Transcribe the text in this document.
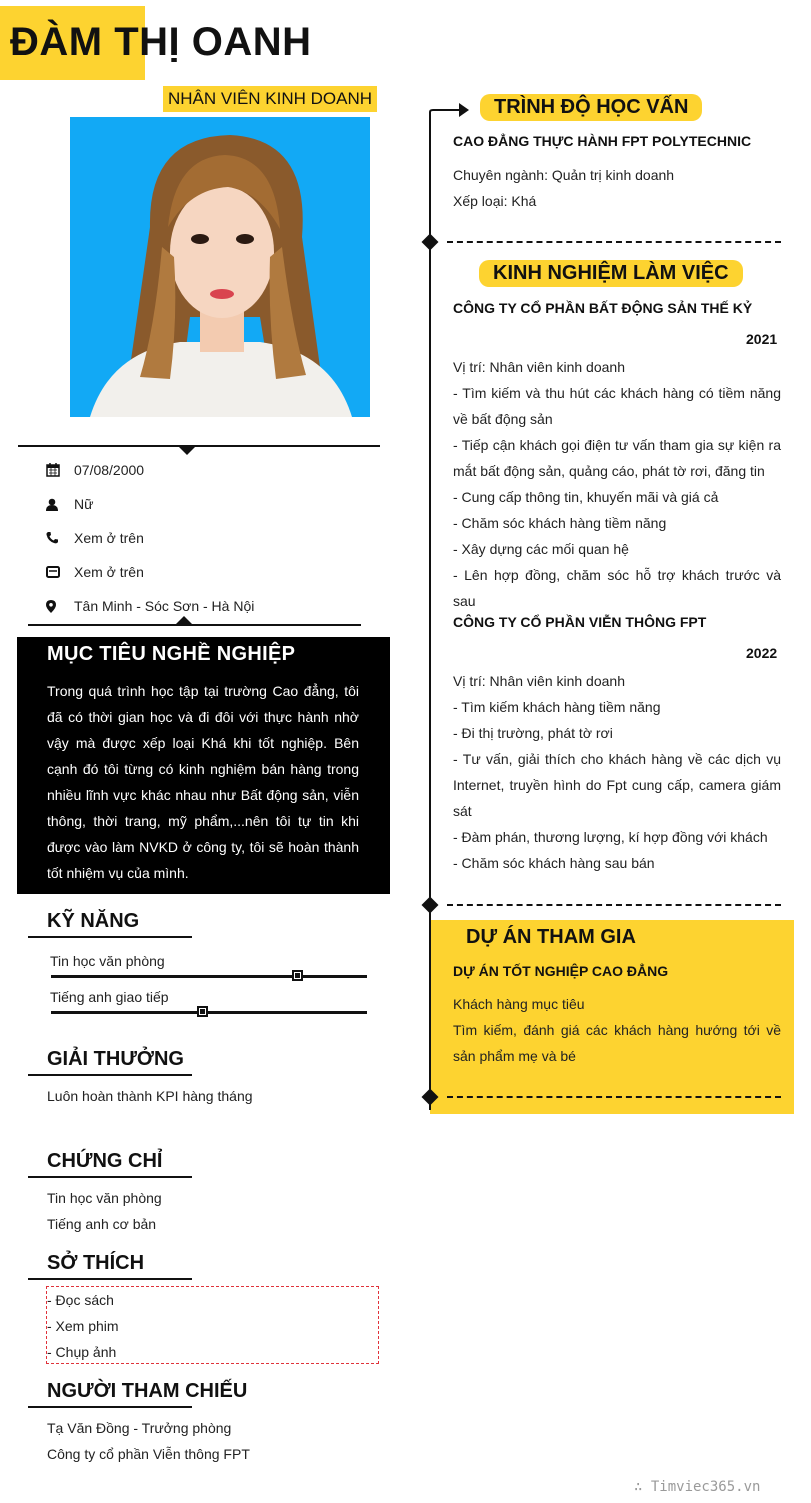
ĐÀM THỊ OANH
NHÂN VIÊN KINH DOANH
07/08/2000
Nữ
Xem ở trên
Xem ở trên
Tân Minh - Sóc Sơn - Hà Nội
MỤC TIÊU NGHỀ NGHIỆP
Trong quá trình học tập tại trường Cao đẳng, tôi đã có thời gian học và đi đôi với thực hành nhờ vậy mà được xếp loại Khá khi tốt nghiệp. Bên cạnh đó tôi từng có kinh nghiệm bán hàng trong nhiều lĩnh vực khác nhau như Bất động sản, viễn thông, thời trang, mỹ phẩm,...nên tôi tự tin khi được vào làm NVKD ở công ty, tôi sẽ hoàn thành tốt nhiệm vụ của mình.
KỸ NĂNG
Tin học văn phòng
Tiếng anh giao tiếp
GIẢI THƯỞNG
Luôn hoàn thành KPI hàng tháng
CHỨNG CHỈ
Tin học văn phòng
Tiếng anh cơ bản
SỞ THÍCH
- Đọc sách
- Xem phim
- Chụp ảnh
NGƯỜI THAM CHIẾU
Tạ Văn Đồng - Trưởng phòng
Công ty cổ phần Viễn thông FPT
TRÌNH ĐỘ HỌC VẤN
CAO ĐẲNG THỰC HÀNH FPT POLYTECHNIC
Chuyên ngành: Quản trị kinh doanh
Xếp loại: Khá
KINH NGHIỆM LÀM VIỆC
CÔNG TY CỔ PHẦN BẤT ĐỘNG SẢN THẾ KỶ
2021
Vị trí: Nhân viên kinh doanh
- Tìm kiếm và thu hút các khách hàng có tiềm năng về bất động sản
- Tiếp cận khách gọi điện tư vấn tham gia sự kiện ra mắt bất động sản, quảng cáo, phát tờ rơi, đăng tin
- Cung cấp thông tin, khuyến mãi và giá cả
- Chăm sóc khách hàng tiềm năng
- Xây dựng các mối quan hệ
- Lên hợp đồng, chăm sóc hỗ trợ khách trước và sau
CÔNG TY CỔ PHẦN VIỄN THÔNG FPT
2022
Vị trí: Nhân viên kinh doanh
- Tìm kiếm khách hàng tiềm năng
- Đi thị trường, phát tờ rơi
- Tư vấn, giải thích cho khách hàng về các dịch vụ Internet, truyền hình do Fpt cung cấp, camera giám sát
- Đàm phán, thương lượng, kí hợp đồng với khách
- Chăm sóc khách hàng sau bán
DỰ ÁN THAM GIA
DỰ ÁN TỐT NGHIỆP CAO ĐẲNG
Khách hàng mục tiêu
Tìm kiếm, đánh giá các khách hàng hướng tới về sản phẩm mẹ và bé
∴ Timviec365.vn
